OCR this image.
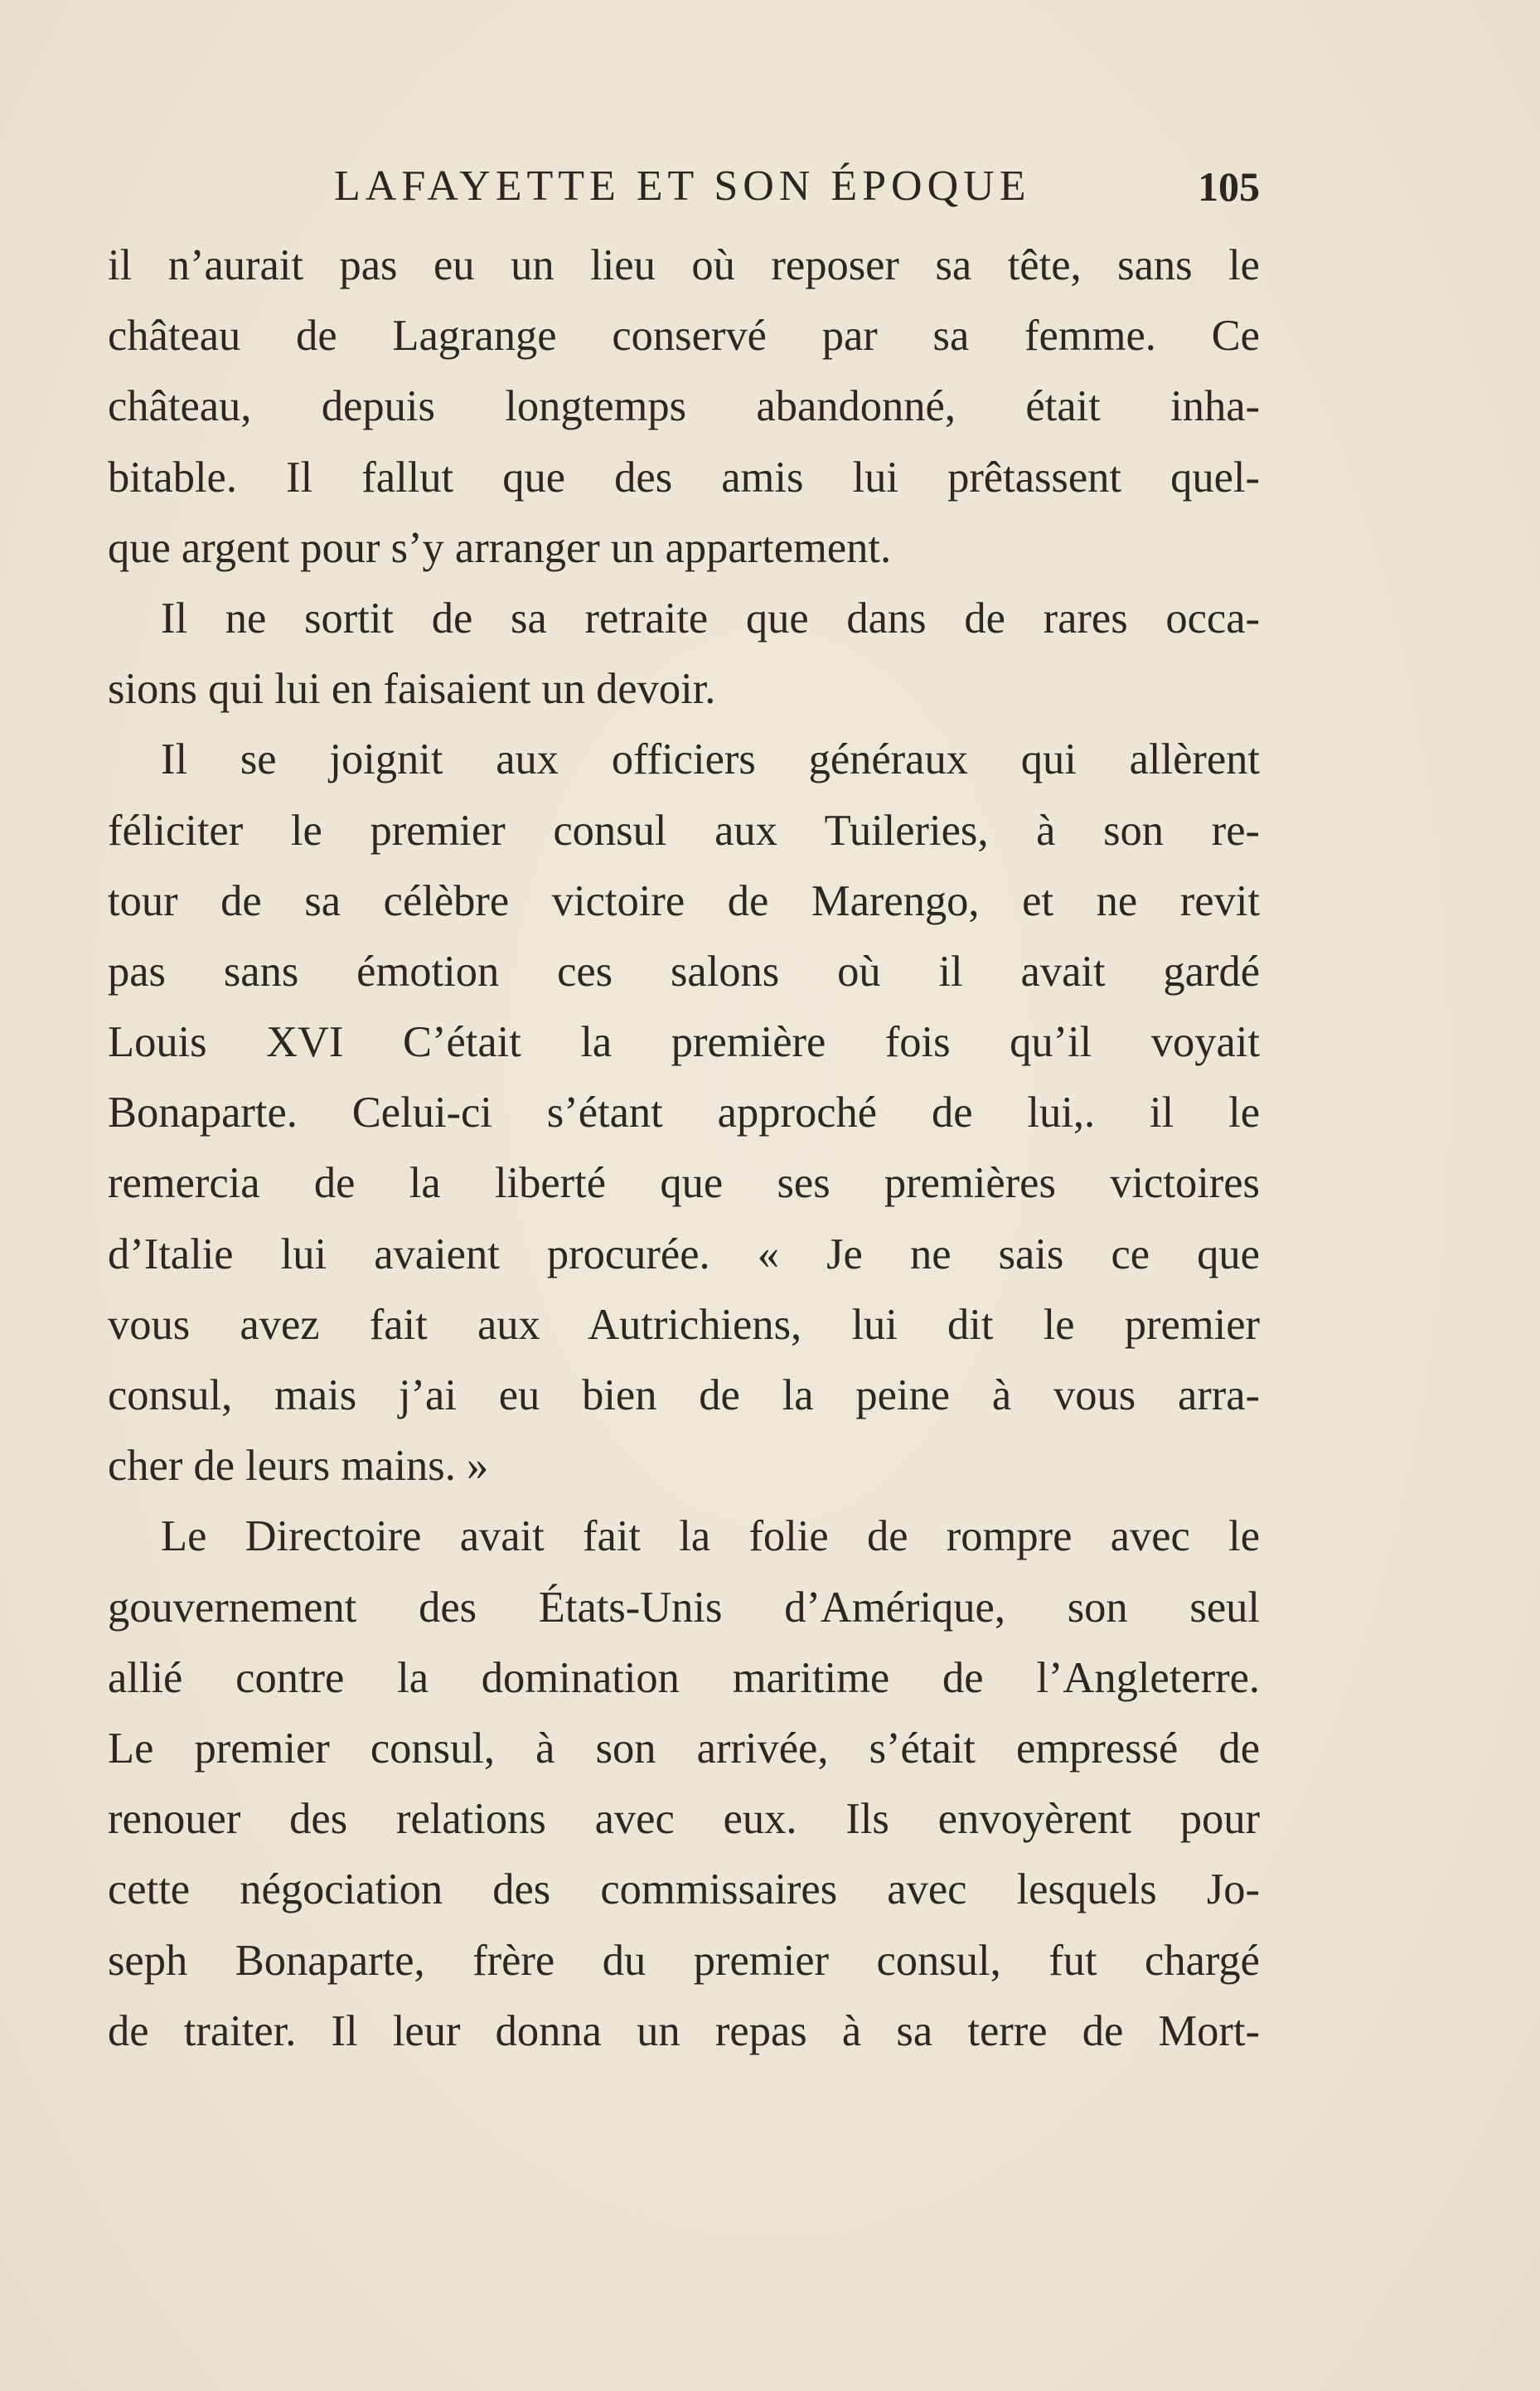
LAFAYETTE ET SON ÉPOQUE	105
il n’aurait pas eu un lieu où reposer sa tête, sans le
château de Lagrange conservé par sa femme. Ce
château, depuis longtemps abandonné, était inha-
bitable. Il fallut que des amis lui prêtassent quel-
que argent pour s’y arranger un appartement.
Il ne sortit de sa retraite que dans de rares occa-
sions qui lui en faisaient un devoir.
Il se joignit aux officiers généraux qui allèrent
féliciter le premier consul aux Tuileries, à son re-
tour de sa célèbre victoire de Marengo, et ne revit
pas sans émotion ces salons où il avait gardé
Louis XVI C’était la première fois qu’il voyait
Bonaparte. Celui-ci s’étant approché de lui,. il le
remercia de la liberté que ses premières victoires
d’Italie lui avaient procurée. « Je ne sais ce que
vous avez fait aux Autrichiens, lui dit le premier
consul, mais j’ai eu bien de la peine à vous arra-
cher de leurs mains. »
Le Directoire avait fait la folie de rompre avec le
gouvernement des États-Unis d’Amérique, son seul
allié contre la domination maritime de l’Angleterre.
Le premier consul, à son arrivée, s’était empressé de
renouer des relations avec eux. Ils envoyèrent pour
cette négociation des commissaires avec lesquels Jo-
seph Bonaparte, frère du premier consul, fut chargé
de traiter. Il leur donna un repas à sa terre de Mort-
